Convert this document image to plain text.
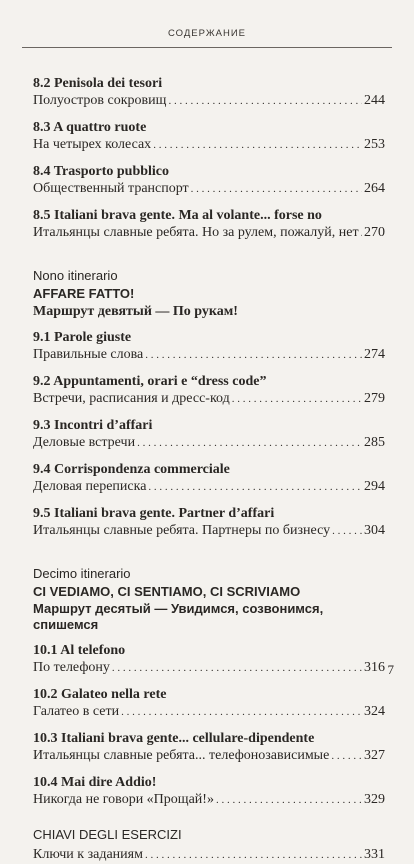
СОДЕРЖАНИЕ
8.2 Penisola dei tesori
Полуостров сокровищ . . .	244
8.3 A quattro ruote
На четырех колесах . . .	253
8.4 Trasporto pubblico
Общественный транспорт . . .	264
8.5 Italiani brava gente. Ma al volante... forse no
Итальянцы славные ребята. Но за рулем, пожалуй, нет . . . 270
Nono itinerario
AFFARE FATTO!
Маршрут девятый — По рукам!
9.1 Parole giuste
Правильные слова . . .	274
9.2 Appuntamenti, orari e “dress code”
Встречи, расписания и дресс-код . . .	279
9.3 Incontri d’affari
Деловые встречи . . .	285
9.4 Corrispondenza commerciale
Деловая переписка . . .	294
9.5 Italiani brava gente. Partner d’affari
Итальянцы славные ребята. Партнеры по бизнесу . . . 304
Decimo itinerario
CI VEDIAMO, CI SENTIAMO, CI SCRIVIAMO
Маршрут десятый — Увидимся, созвонимся, спишемся
10.1 Al telefono
По телефону . . .	316
10.2 Galateo nella rete
Галатео в сети . . .	324
10.3 Italiani brava gente... cellulare-dipendente
Итальянцы славные ребята... телефонозависимые . . . 327
10.4 Mai dire Addio!
Никогда не говори «Прощай!» . . .	329
CHIAVI DEGLI ESERCIZI
Ключи к заданиям . . .	331
7
